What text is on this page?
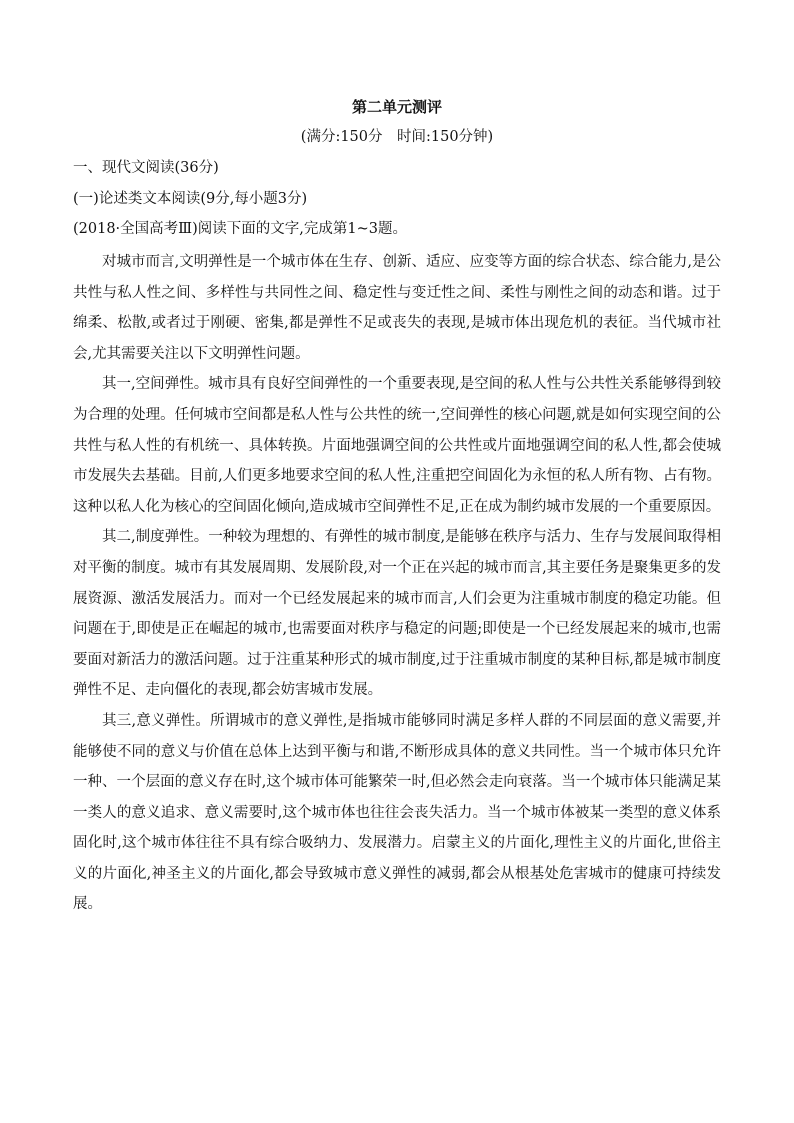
第二单元测评
(满分:150分　时间:150分钟)
一、现代文阅读(36分)
(一)论述类文本阅读(9分,每小题3分)
(2018·全国高考Ⅲ)阅读下面的文字,完成第1~3题。

对城市而言,文明弹性是一个城市体在生存、创新、适应、应变等方面的综合状态、综合能力,是公共性与私人性之间、多样性与共同性之间、稳定性与变迁性之间、柔性与刚性之间的动态和谐。过于绵柔、松散,或者过于刚硬、密集,都是弹性不足或丧失的表现,是城市体出现危机的表征。当代城市社会,尤其需要关注以下文明弹性问题。

其一,空间弹性。城市具有良好空间弹性的一个重要表现,是空间的私人性与公共性关系能够得到较为合理的处理。任何城市空间都是私人性与公共性的统一,空间弹性的核心问题,就是如何实现空间的公共性与私人性的有机统一、具体转换。片面地强调空间的公共性或片面地强调空间的私人性,都会使城市发展失去基础。目前,人们更多地要求空间的私人性,注重把空间固化为永恒的私人所有物、占有物。这种以私人化为核心的空间固化倾向,造成城市空间弹性不足,正在成为制约城市发展的一个重要原因。

其二,制度弹性。一种较为理想的、有弹性的城市制度,是能够在秩序与活力、生存与发展间取得相对平衡的制度。城市有其发展周期、发展阶段,对一个正在兴起的城市而言,其主要任务是聚集更多的发展资源、激活发展活力。而对一个已经发展起来的城市而言,人们会更为注重城市制度的稳定功能。但问题在于,即使是正在崛起的城市,也需要面对秩序与稳定的问题;即使是一个已经发展起来的城市,也需要面对新活力的激活问题。过于注重某种形式的城市制度,过于注重城市制度的某种目标,都是城市制度弹性不足、走向僵化的表现,都会妨害城市发展。

其三,意义弹性。所谓城市的意义弹性,是指城市能够同时满足多样人群的不同层面的意义需要,并能够使不同的意义与价值在总体上达到平衡与和谐,不断形成具体的意义共同性。当一个城市体只允许一种、一个层面的意义存在时,这个城市体可能繁荣一时,但必然会走向衰落。当一个城市体只能满足某一类人的意义追求、意义需要时,这个城市体也往往会丧失活力。当一个城市体被某一类型的意义体系固化时,这个城市体往往不具有综合吸纳力、发展潜力。启蒙主义的片面化,理性主义的片面化,世俗主义的片面化,神圣主义的片面化,都会导致城市意义弹性的减弱,都会从根基处危害城市的健康可持续发展。
